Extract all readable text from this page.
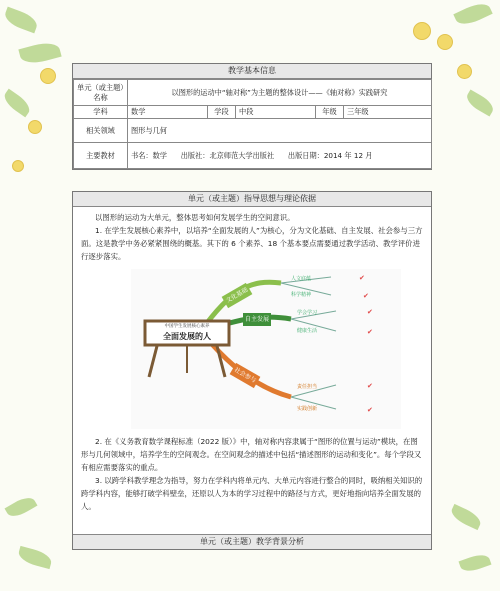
教学基本信息
单元（或主题）名称	以图形的运动中“轴对称”为主题的整体设计——《轴对称》实践研究				
学科	数学	学段	中段	年级	三年级
相关领域	图形与几何				
主要教材	书名：数学 出版社：北京师范大学出版社 出版日期：2014 年 12 月				
单元（或主题）指导思想与理论依据

以图形的运动为大单元，整体思考如何发展学生的空间意识。

1. 在学生发展核心素养中，以培养“全面发展的人”为核心，分为文化基础、自主发展、社会参与三方面。这是教学中务必紧紧围绕的概基。其下的 6 个素养、18 个基本要点需要通过教学活动、教学评价进行逐步落实。

✔
✔
✔
✔
✔
✔
中国学生发展核心素养
全面发展的人
文化基础
自主发展
社会参与
人文底蕴
科学精神
学会学习
健康生活
责任担当
实践创新

2. 在《义务教育数学课程标准（2022 版）》中，轴对称内容隶属于“图形的位置与运动”模块，在图形与几何领域中，培养学生的空间观念。在空间观念的描述中包括“描述图形的运动和变化”。每个学段又有相应需要落实的重点。

3. 以跨学科教学理念为指导，努力在学科内将单元内、大单元内容进行整合的同时，吸纳相关知识的跨学科内容，能够打破学科壁垒，还原以人为本的学习过程中的路径与方式，更好地指向培养全面发展的人。

单元（或主题）教学背景分析
